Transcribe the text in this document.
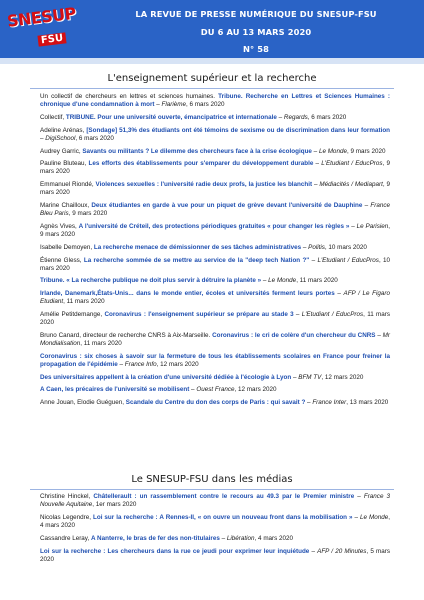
SNESUP
FSU
LA REVUE DE PRESSE NUMÉRIQUE DU SNESUP-FSU
DU 6 AU 13 MARS 2020
N° 58
L'enseignement supérieur et la recherche
Un collectif de chercheurs en lettres et sciences humaines. Tribune. Recherche en Lettres et Sciences Humaines : chronique d'une condamnation à mort – Flarième, 6 mars 2020
Collectif, TRIBUNE. Pour une université ouverte, émancipatrice et internationale – Regards, 6 mars 2020
Adeline Arénas, [Sondage] 51,3% des étudiants ont été témoins de sexisme ou de discrimination dans leur formation – DigiSchool, 6 mars 2020
Audrey Garric, Savants ou militants ? Le dilemme des chercheurs face à la crise écologique – Le Monde, 9 mars 2020
Pauline Bluteau, Les efforts des établissements pour s'emparer du développement durable – L'Etudiant / EducPros, 9 mars 2020
Emmanuel Riondé, Violences sexuelles : l'université radie deux profs, la justice les blanchit – Médiacités / Mediapart, 9 mars 2020
Marine Chailloux, Deux étudiantes en garde à vue pour un piquet de grève devant l'université de Dauphine – France Bleu Paris, 9 mars 2020
Agnès Vives, A l'université de Créteil, des protections périodiques gratuites « pour changer les règles » – Le Parisien, 9 mars 2020
Isabelle Demoyen, La recherche menace de démissionner de ses tâches administratives – Politis, 10 mars 2020
Étienne Gless, La recherche sommée de se mettre au service de la "deep tech Nation ?" – L'Etudiant / EducPros, 10 mars 2020
Tribune. « La recherche publique ne doit plus servir à détruire la planète » – Le Monde, 11 mars 2020
Irlande, Danemark,États-Unis... dans le monde entier, écoles et universités ferment leurs portes – AFP / Le Figaro Etudiant, 11 mars 2020
Amélie Petitdemange, Coronavirus : l'enseignement supérieur se prépare au stade 3 – L'Etudiant / EducPros, 11 mars 2020
Bruno Canard, directeur de recherche CNRS à Aix-Marseille. Coronavirus : le cri de colère d'un chercheur du CNRS – Mr Mondialisation, 11 mars 2020
Coronavirus : six choses à savoir sur la fermeture de tous les établissements scolaires en France pour freiner la propagation de l'épidémie – France Info, 12 mars 2020
Des universitaires appellent à la création d'une université dédiée à l'écologie à Lyon – BFM TV, 12 mars 2020
A Caen, les précaires de l'université se mobilisent – Ouest France, 12 mars 2020
Anne Jouan, Elodie Guéguen, Scandale du Centre du don des corps de Paris : qui savait ? – France Inter, 13 mars 2020
Le SNESUP-FSU dans les médias
Christine Hinckel, Châtellerault : un rassemblement contre le recours au 49.3 par le Premier ministre – France 3 Nouvelle Aquitaine, 1er mars 2020
Nicolas Legendre, Loi sur la recherche : A Rennes-II, « on ouvre un nouveau front dans la mobilisation » – Le Monde, 4 mars 2020
Cassandre Leray, A Nanterre, le bras de fer des non-titulaires – Libération, 4 mars 2020
Loi sur la recherche : Les chercheurs dans la rue ce jeudi pour exprimer leur inquiétude – AFP / 20 Minutes, 5 mars 2020
